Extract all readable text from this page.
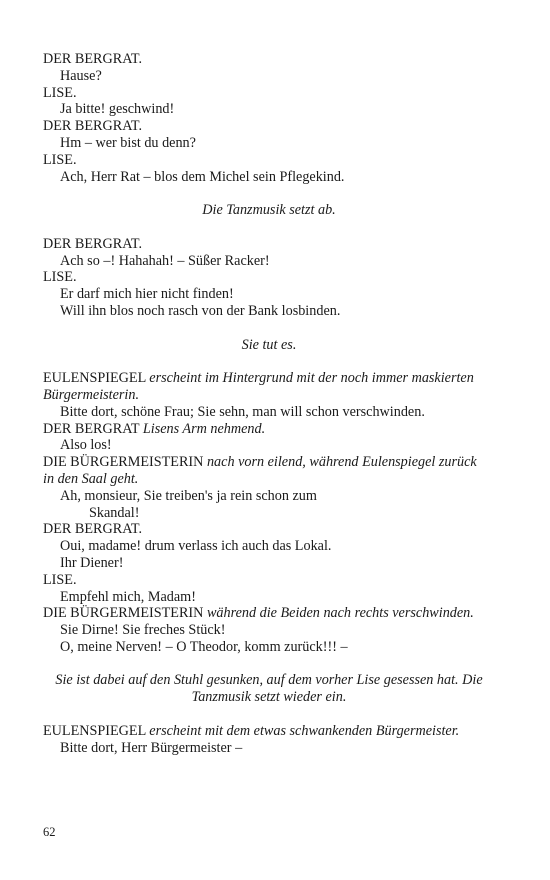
DER BERGRAT.
Hause?
LISE.
Ja bitte! geschwind!
DER BERGRAT.
Hm – wer bist du denn?
LISE.
Ach, Herr Rat – blos dem Michel sein Pflegekind.
Die Tanzmusik setzt ab.
DER BERGRAT.
Ach so –! Hahahah! – Süßer Racker!
LISE.
Er darf mich hier nicht finden!
Will ihn blos noch rasch von der Bank losbinden.
Sie tut es.
EULENSPIEGEL erscheint im Hintergrund mit der noch immer maskierten
Bürgermeisterin.
Bitte dort, schöne Frau; Sie sehn, man will schon verschwinden.
DER BERGRAT Lisens Arm nehmend.
Also los!
DIE BÜRGERMEISTERIN nach vorn eilend, während Eulenspiegel zurück
in den Saal geht.
Ah, monsieur, Sie treiben's ja rein schon zum
Skandal!
DER BERGRAT.
Oui, madame! drum verlass ich auch das Lokal.
Ihr Diener!
LISE.
Empfehl mich, Madam!
DIE BÜRGERMEISTERIN während die Beiden nach rechts verschwinden.
Sie Dirne! Sie freches Stück!
O, meine Nerven! – O Theodor, komm zurück!!! –
Sie ist dabei auf den Stuhl gesunken, auf dem vorher Lise gesessen hat. Die
Tanzmusik setzt wieder ein.
EULENSPIEGEL erscheint mit dem etwas schwankenden Bürgermeister.
Bitte dort, Herr Bürgermeister –
62
